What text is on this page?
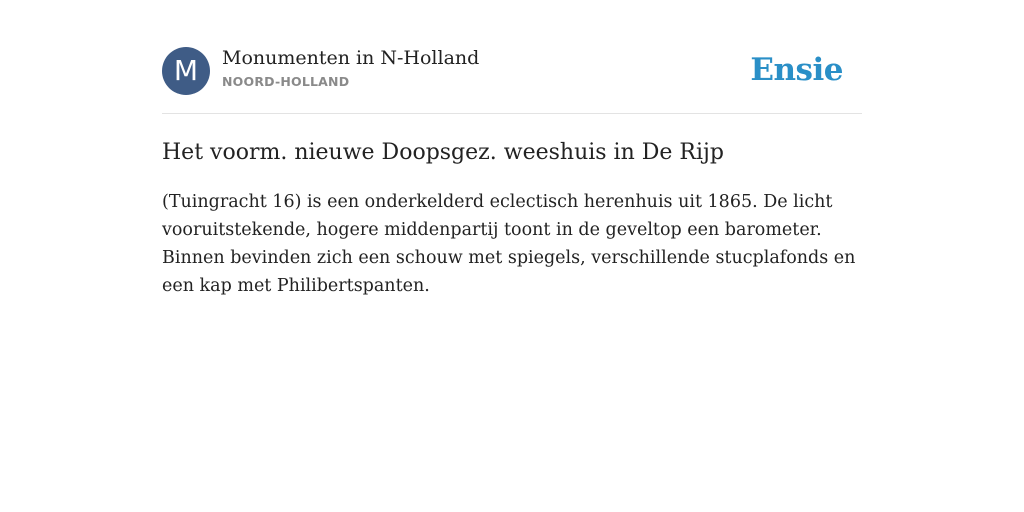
M	Monumenten in N-Holland
NOORD-HOLLAND	Ensie
Het voorm. nieuwe Doopsgez. weeshuis in De Rijp

(Tuingracht 16) is een onderkelderd eclectisch herenhuis uit 1865. De licht vooruitstekende, hogere middenpartij toont in de geveltop een barometer. Binnen bevinden zich een schouw met spiegels, verschillende stucplafonds en een kap met Philibertspanten.
